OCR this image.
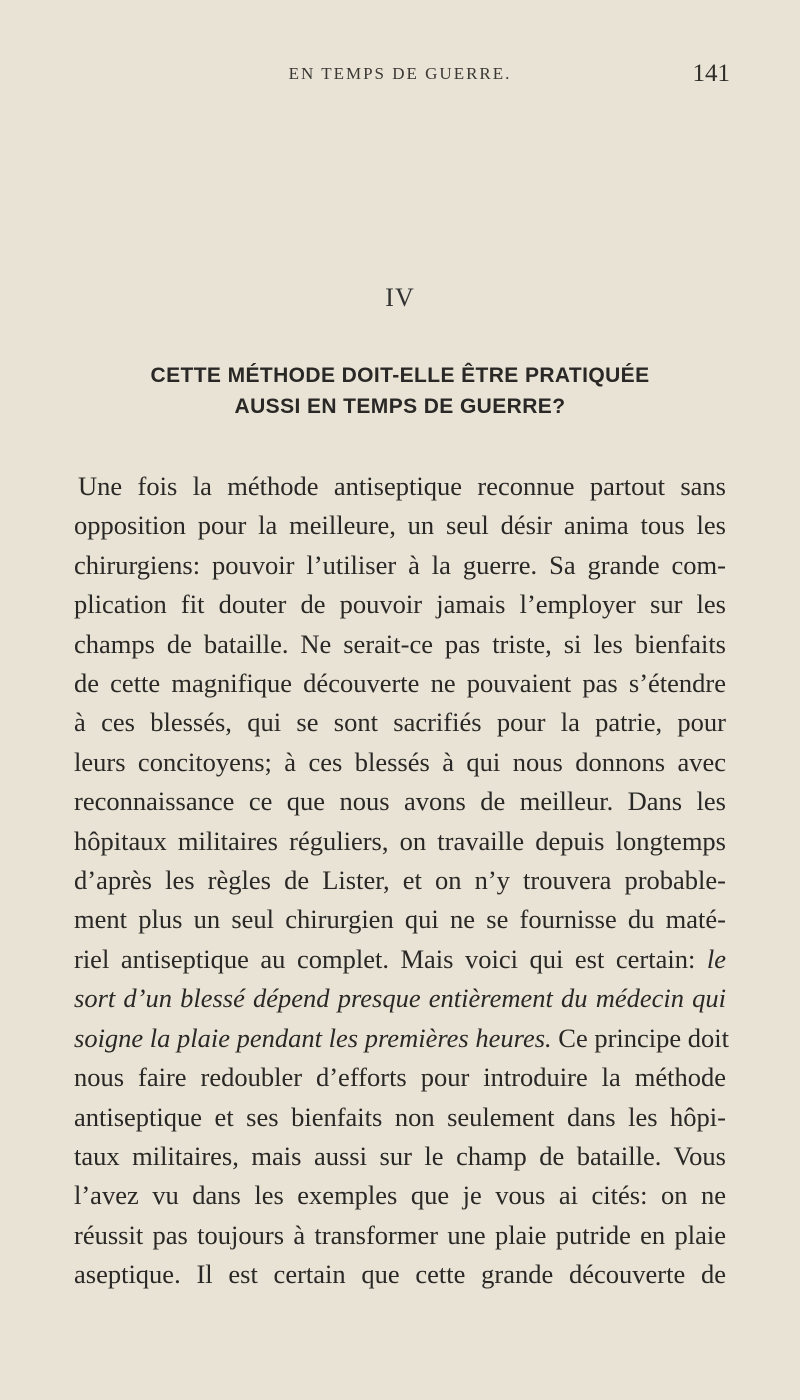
EN TEMPS DE GUERRE.	141
IV
CETTE MÉTHODE DOIT-ELLE ÊTRE PRATIQUÉE
AUSSI EN TEMPS DE GUERRE?
Une fois la méthode antiseptique reconnue partout sans
opposition pour la meilleure, un seul désir anima tous les
chirurgiens: pouvoir l’utiliser à la guerre. Sa grande com-
plication fit douter de pouvoir jamais l’employer sur les
champs de bataille. Ne serait-ce pas triste, si les bienfaits
de cette magnifique découverte ne pouvaient pas s’étendre
à ces blessés, qui se sont sacrifiés pour la patrie, pour
leurs concitoyens; à ces blessés à qui nous donnons avec
reconnaissance ce que nous avons de meilleur. Dans les
hôpitaux militaires réguliers, on travaille depuis longtemps
d’après les règles de Lister, et on n’y trouvera probable-
ment plus un seul chirurgien qui ne se fournisse du maté-
riel antiseptique au complet. Mais voici qui est certain: le
sort d’un blessé dépend presque entièrement du médecin qui
soigne la plaie pendant les premières heures. Ce principe doit
nous faire redoubler d’efforts pour introduire la méthode
antiseptique et ses bienfaits non seulement dans les hôpi-
taux militaires, mais aussi sur le champ de bataille. Vous
l’avez vu dans les exemples que je vous ai cités: on ne
réussit pas toujours à transformer une plaie putride en plaie
aseptique. Il est certain que cette grande découverte de
